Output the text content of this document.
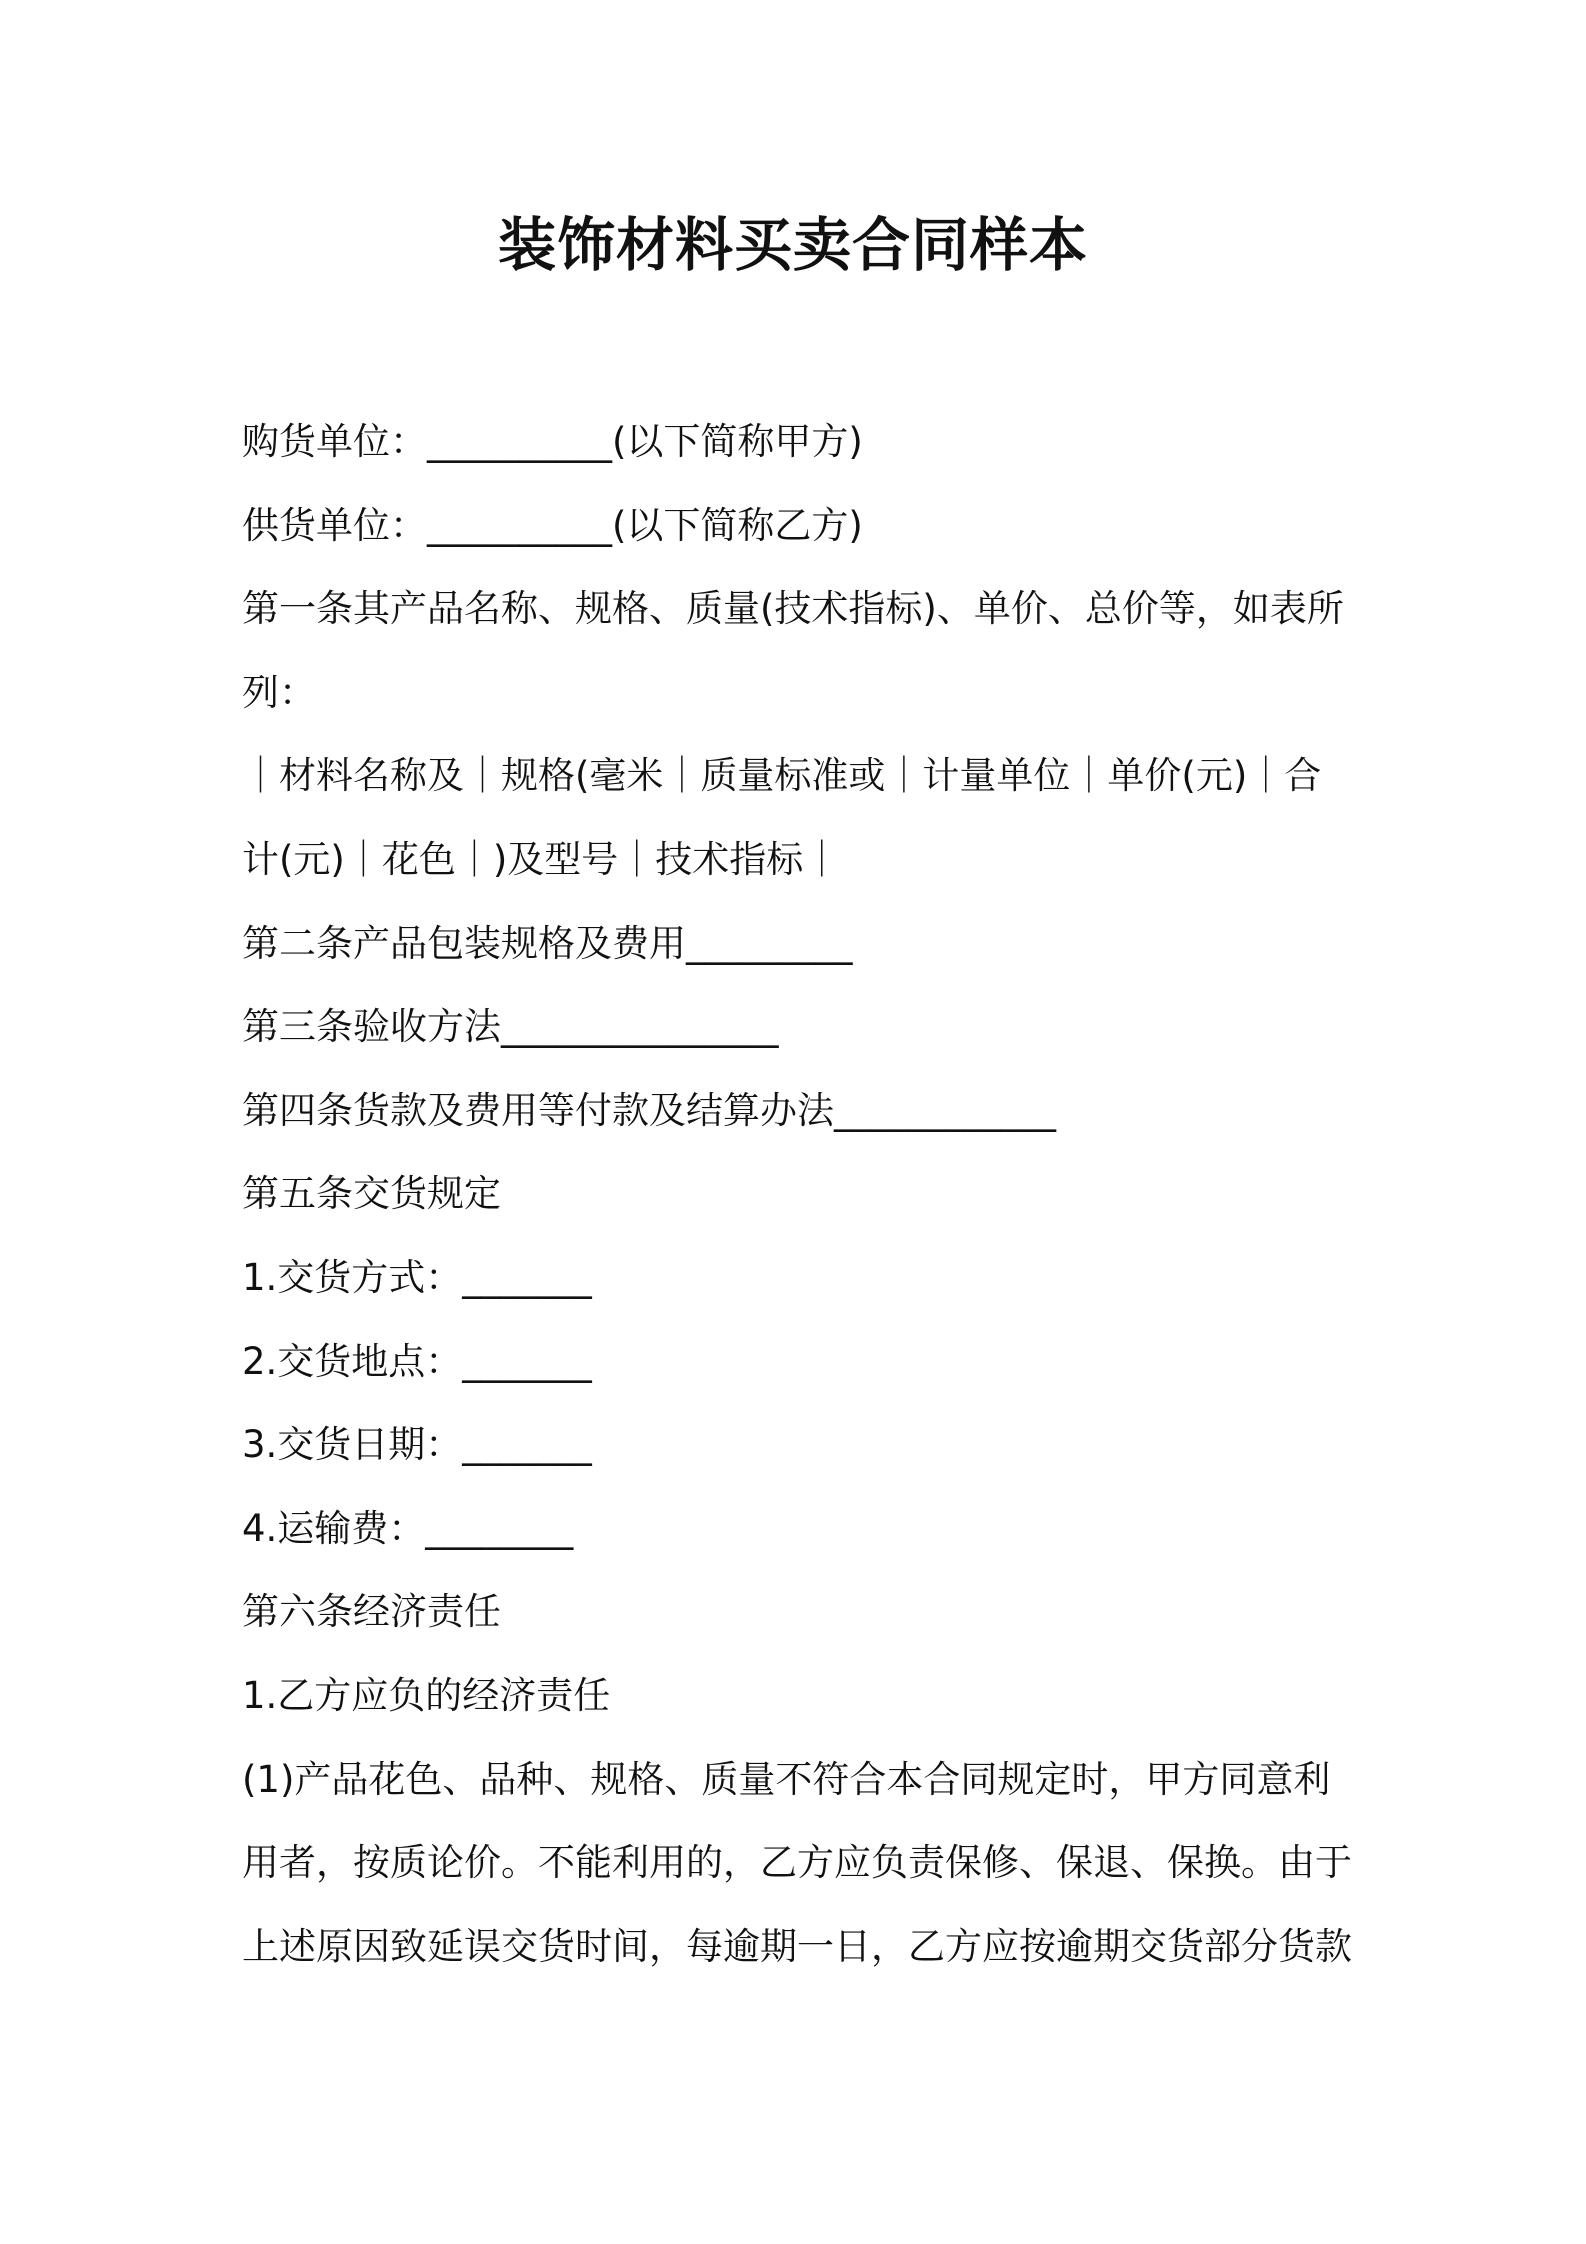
装饰材料买卖合同样本
购货单位：__________(以下简称甲方)
供货单位：__________(以下简称乙方)
第一条其产品名称、规格、质量(技术指标)、单价、总价等，如表所
列：
｜材料名称及｜规格(毫米｜质量标准或｜计量单位｜单价(元)｜合
计(元)｜花色｜)及型号｜技术指标｜
第二条产品包装规格及费用_________
第三条验收方法_______________
第四条货款及费用等付款及结算办法____________
第五条交货规定
1.交货方式：_______
2.交货地点：_______
3.交货日期：_______
4.运输费：________
第六条经济责任
1.乙方应负的经济责任
(1)产品花色、品种、规格、质量不符合本合同规定时，甲方同意利
用者，按质论价。不能利用的，乙方应负责保修、保退、保换。由于
上述原因致延误交货时间，每逾期一日，乙方应按逾期交货部分货款
